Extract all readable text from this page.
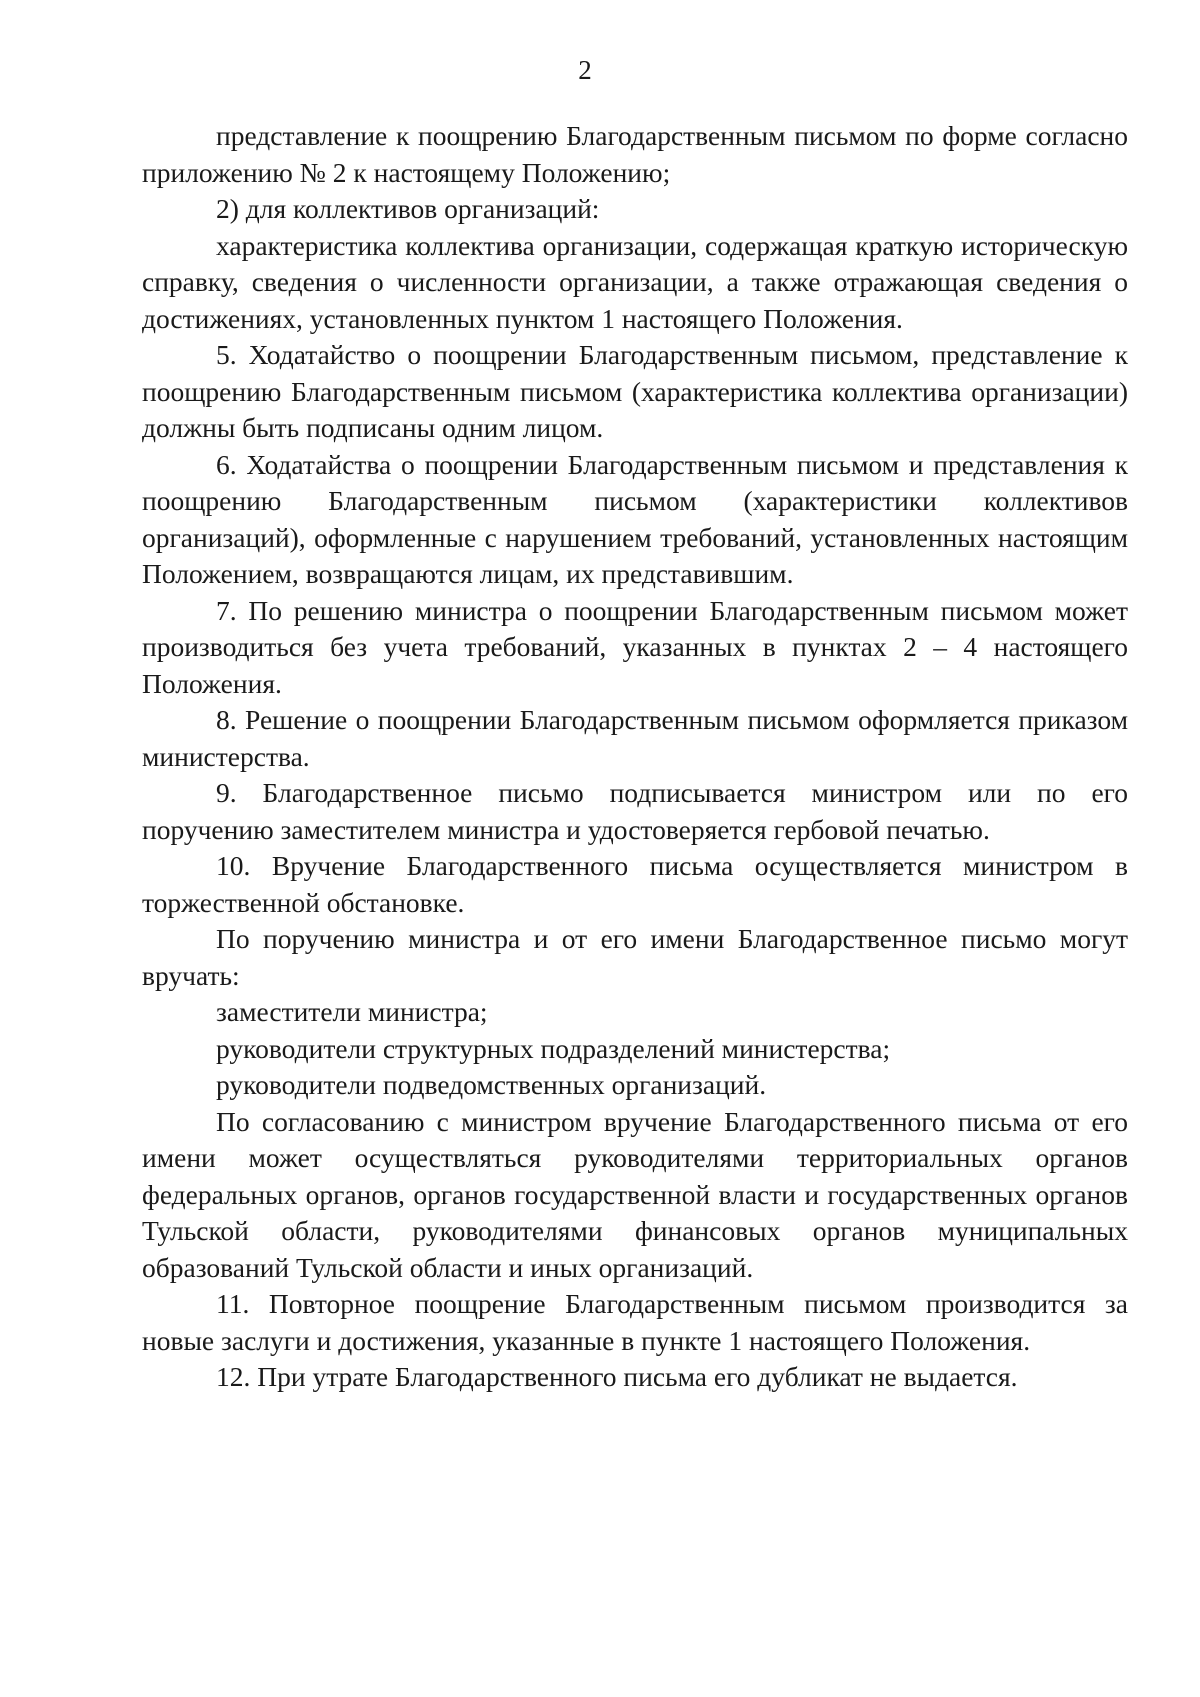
2

представление к поощрению Благодарственным письмом по форме согласно приложению № 2 к настоящему Положению;

2) для коллективов организаций:

характеристика коллектива организации, содержащая краткую историческую справку, сведения о численности организации, а также отражающая сведения о достижениях, установленных пунктом 1 настоящего Положения.

5. Ходатайство о поощрении Благодарственным письмом, представление к поощрению Благодарственным письмом (характеристика коллектива организации) должны быть подписаны одним лицом.

6. Ходатайства о поощрении Благодарственным письмом и представления к поощрению Благодарственным письмом (характеристики коллективов организаций), оформленные с нарушением требований, установленных настоящим Положением, возвращаются лицам, их представившим.

7. По решению министра о поощрении Благодарственным письмом может производиться без учета требований, указанных в пунктах 2 – 4 настоящего Положения.

8. Решение о поощрении Благодарственным письмом оформляется приказом министерства.

9. Благодарственное письмо подписывается министром или по его поручению заместителем министра и удостоверяется гербовой печатью.

10. Вручение Благодарственного письма осуществляется министром в торжественной обстановке.

По поручению министра и от его имени Благодарственное письмо могут вручать:

заместители министра;

руководители структурных подразделений министерства;

руководители подведомственных организаций.

По согласованию с министром вручение Благодарственного письма от его имени может осуществляться руководителями территориальных органов федеральных органов, органов государственной власти и государственных органов Тульской области, руководителями финансовых органов муниципальных образований Тульской области и иных организаций.

11. Повторное поощрение Благодарственным письмом производится за новые заслуги и достижения, указанные в пункте 1 настоящего Положения.

12. При утрате Благодарственного письма его дубликат не выдается.
